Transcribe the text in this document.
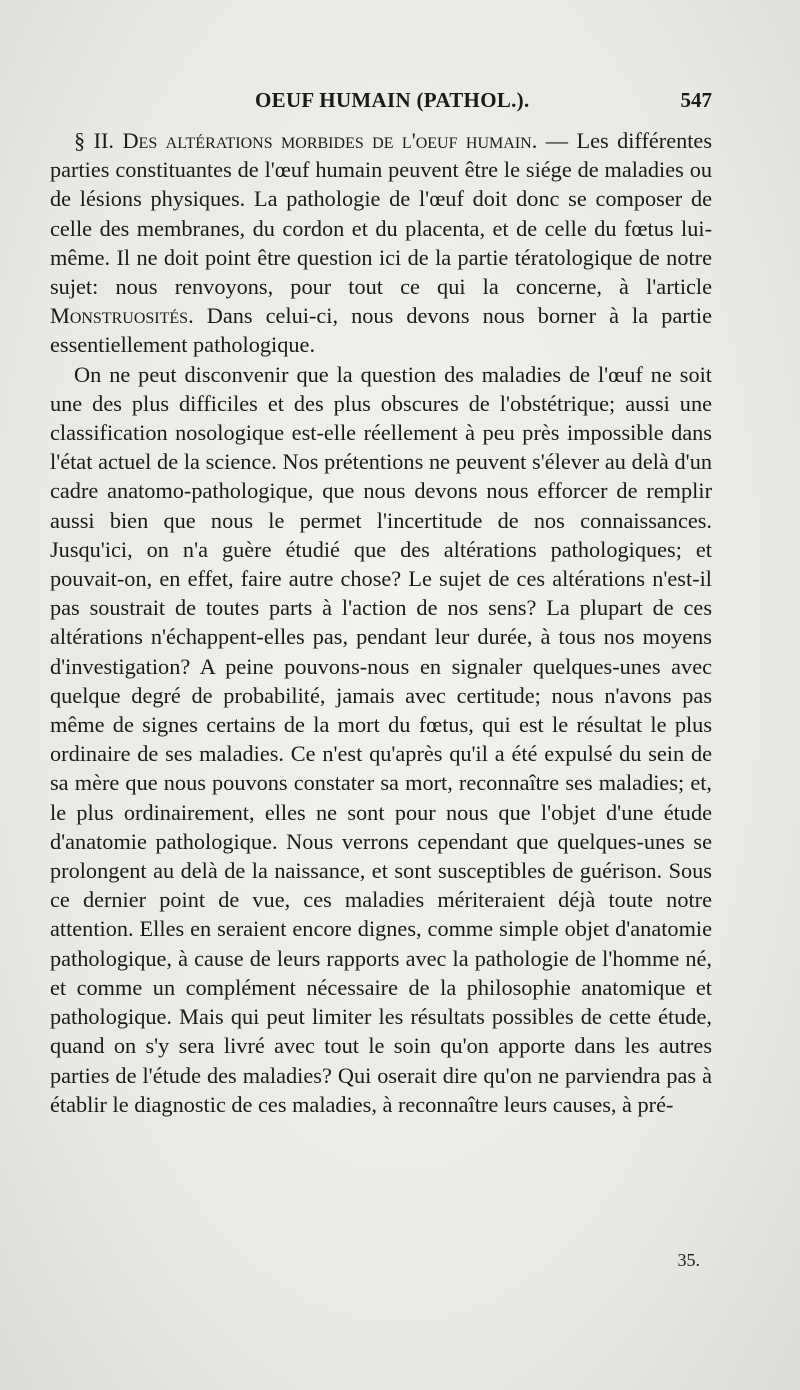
OEUF HUMAIN (PATHOL.).	547

§ II. Des altérations morbides de l'oeuf humain. — Les différentes parties constituantes de l'œuf humain peuvent être le siége de maladies ou de lésions physiques. La pathologie de l'œuf doit donc se composer de celle des membranes, du cordon et du placenta, et de celle du fœtus lui-même. Il ne doit point être question ici de la partie tératologique de notre sujet: nous renvoyons, pour tout ce qui la concerne, à l'article Monstruosités. Dans celui-ci, nous devons nous borner à la partie essentiellement pathologique.

On ne peut disconvenir que la question des maladies de l'œuf ne soit une des plus difficiles et des plus obscures de l'obstétrique; aussi une classification nosologique est-elle réellement à peu près impossible dans l'état actuel de la science. Nos prétentions ne peuvent s'élever au delà d'un cadre anatomo-pathologique, que nous devons nous efforcer de remplir aussi bien que nous le permet l'incertitude de nos connaissances. Jusqu'ici, on n'a guère étudié que des altérations pathologiques; et pouvait-on, en effet, faire autre chose? Le sujet de ces altérations n'est-il pas soustrait de toutes parts à l'action de nos sens? La plupart de ces altérations n'échappent-elles pas, pendant leur durée, à tous nos moyens d'investigation? A peine pouvons-nous en signaler quelques-unes avec quelque degré de probabilité, jamais avec certitude; nous n'avons pas même de signes certains de la mort du fœtus, qui est le résultat le plus ordinaire de ses maladies. Ce n'est qu'après qu'il a été expulsé du sein de sa mère que nous pouvons constater sa mort, reconnaître ses maladies; et, le plus ordinairement, elles ne sont pour nous que l'objet d'une étude d'anatomie pathologique. Nous verrons cependant que quelques-unes se prolongent au delà de la naissance, et sont susceptibles de guérison. Sous ce dernier point de vue, ces maladies mériteraient déjà toute notre attention. Elles en seraient encore dignes, comme simple objet d'anatomie pathologique, à cause de leurs rapports avec la pathologie de l'homme né, et comme un complément nécessaire de la philosophie anatomique et pathologique. Mais qui peut limiter les résultats possibles de cette étude, quand on s'y sera livré avec tout le soin qu'on apporte dans les autres parties de l'étude des maladies? Qui oserait dire qu'on ne parviendra pas à établir le diagnostic de ces maladies, à reconnaître leurs causes, à pré-

35.
